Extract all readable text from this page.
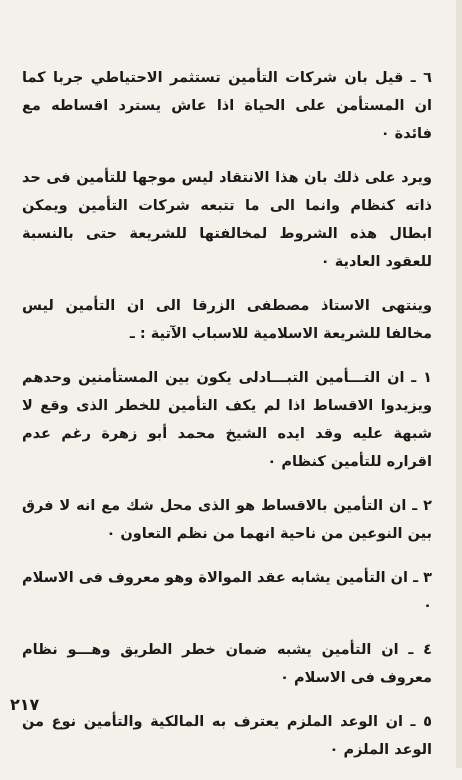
٦ ـ قيل بان شركات التأمين تستثمر الاحتياطي جربا كما ان المستأمن على الحياة اذا عاش يسترد اقساطه مع فائدة ٠

ويرد على ذلك بان هذا الانتقاد ليس موجها للتأمين فى حد ذاته كنظام وانما الى ما تتبعه شركات التأمين ويمكن ابطال هذه الشروط لمخالفتها للشريعة حتى بالنسبة للعقود العادية ٠

وينتهى الاستاذ مصطفى الزرقا الى ان التأمين ليس مخالفا للشريعة الاسلامية للاسباب الآتية : ـ

١ ـ ان التـــأمين التبـــادلى يكون بين المستأمنين وحدهم ويزيدوا الاقساط اذا لم يكف التأمين للخطر الذى وقع لا شبهة عليه وقد ايده الشيخ محمد أبو زهرة رغم عدم اقراره للتأمين كنظام ٠

٢ ـ ان التأمين بالاقساط هو الذى محل شك مع انه لا فرق بين النوعين من ناحية انهما من نظم التعاون ٠

٣ ـ ان التأمين يشابه عقد الموالاة وهو معروف فى الاسلام ٠

٤ ـ ان التأمين يشبه ضمان خطر الطريق وهـــو نظام معروف فى الاسلام ٠

٥ ـ ان الوعد الملزم يعترف به المالكية والتأمين نوع من الوعد الملزم ٠

٢١٧
